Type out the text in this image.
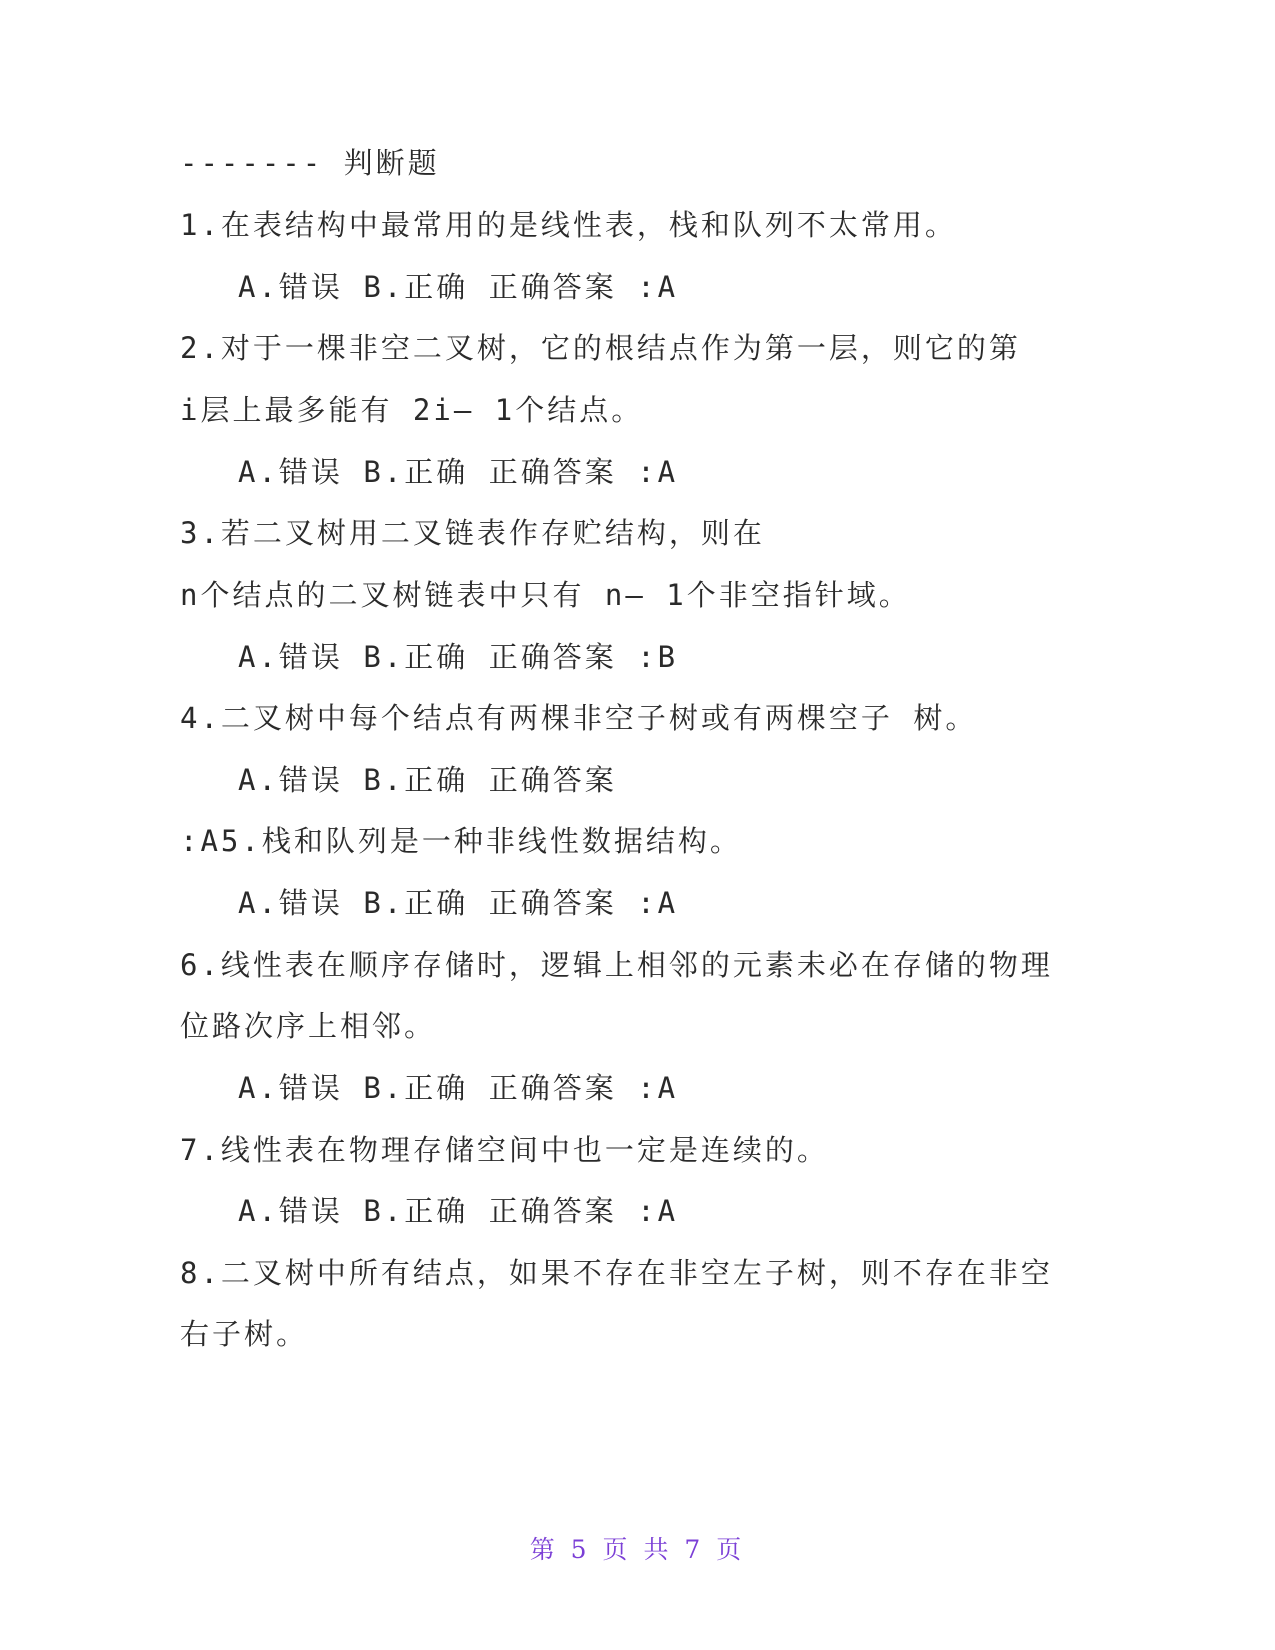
------- 判断题
1.在表结构中最常用的是线性表，栈和队列不太常用。
A.错误 B.正确 正确答案 :A
2.对于一棵非空二叉树，它的根结点作为第一层，则它的第
i层上最多能有 2i— 1个结点。
A.错误 B.正确 正确答案 :A
3.若二叉树用二叉链表作存贮结构，则在
n个结点的二叉树链表中只有 n— 1个非空指针域。
A.错误 B.正确 正确答案 :B
4.二叉树中每个结点有两棵非空子树或有两棵空子 树。
A.错误 B.正确 正确答案
:A5.栈和队列是一种非线性数据结构。
A.错误 B.正确 正确答案 :A
6.线性表在顺序存储时，逻辑上相邻的元素未必在存储的物理
位路次序上相邻。
A.错误 B.正确 正确答案 :A
7.线性表在物理存储空间中也一定是连续的。
A.错误 B.正确 正确答案 :A
8.二叉树中所有结点，如果不存在非空左子树，则不存在非空
右子树。
第 5 页 共 7 页
